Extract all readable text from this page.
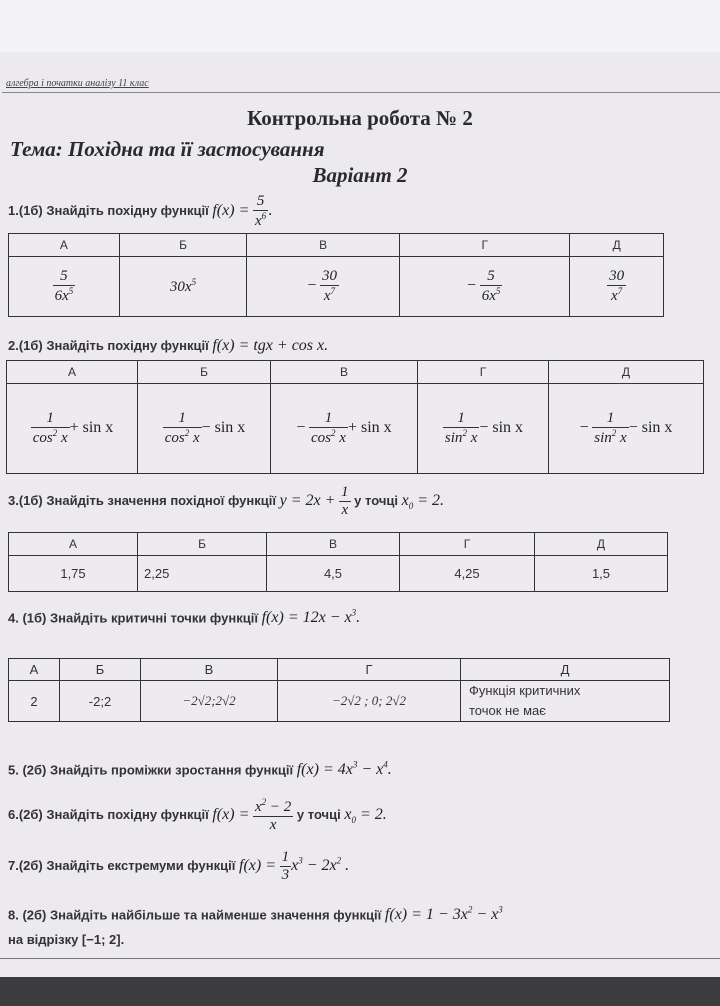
алгебра і початки аналізу 11 клас
Контрольна робота № 2
Тема: Похідна та її застосування
Варіант 2
1.(1б) Знайдіть похідну функції $f(x) = \frac{5}{x^6}$ .
А	Б	В	Г	Д

$\frac{5}{6x^5}$	$30x^5$	− $\frac{30}{x^7}$	− $\frac{5}{6x^5}$	$\frac{30}{x^7}$
2.(1б) Знайдіть похідну функції f(x) = tgx + cos x.
А	Б	В	Г	Д

$\frac{1}{\cos^2 x} + \sin x$	$\frac{1}{\cos^2 x} - \sin x$	− $\frac{1}{\cos^2 x} + \sin x$	$\frac{1}{\sin^2 x} - \sin x$	− $\frac{1}{\sin^2 x} - \sin x$
3.(1б) Знайдіть значення похідної функції $y = 2x + \frac{1}{x}$ у точці $x_0 = 2$.
А	Б	В	Г	Д
1,75	2,25	4,5	4,25	1,5
4. (1б) Знайдіть критичні точки функції $f(x) = 12x - x^3$.
А	Б	В	Г	Д
2	-2;2	−2√2;2√2	−2√2 ; 0; 2√2	Функція критичних
точок не має
5. (2б) Знайдіть проміжки зростання функції $f(x) = 4x^3 - x^4$.
6.(2б) Знайдіть похідну функції $f(x) = \frac{x^2 - 2}{x}$ у точці $x_0 = 2$.
7.(2б) Знайдіть екстремуми функції $f(x) = \frac{1}{3} x^3 - 2x^2$ .
8. (2б) Знайдіть найбільше та найменше значення функції $f(x) = 1 - 3x^2 - x^3$
на відрізку [−1; 2].
